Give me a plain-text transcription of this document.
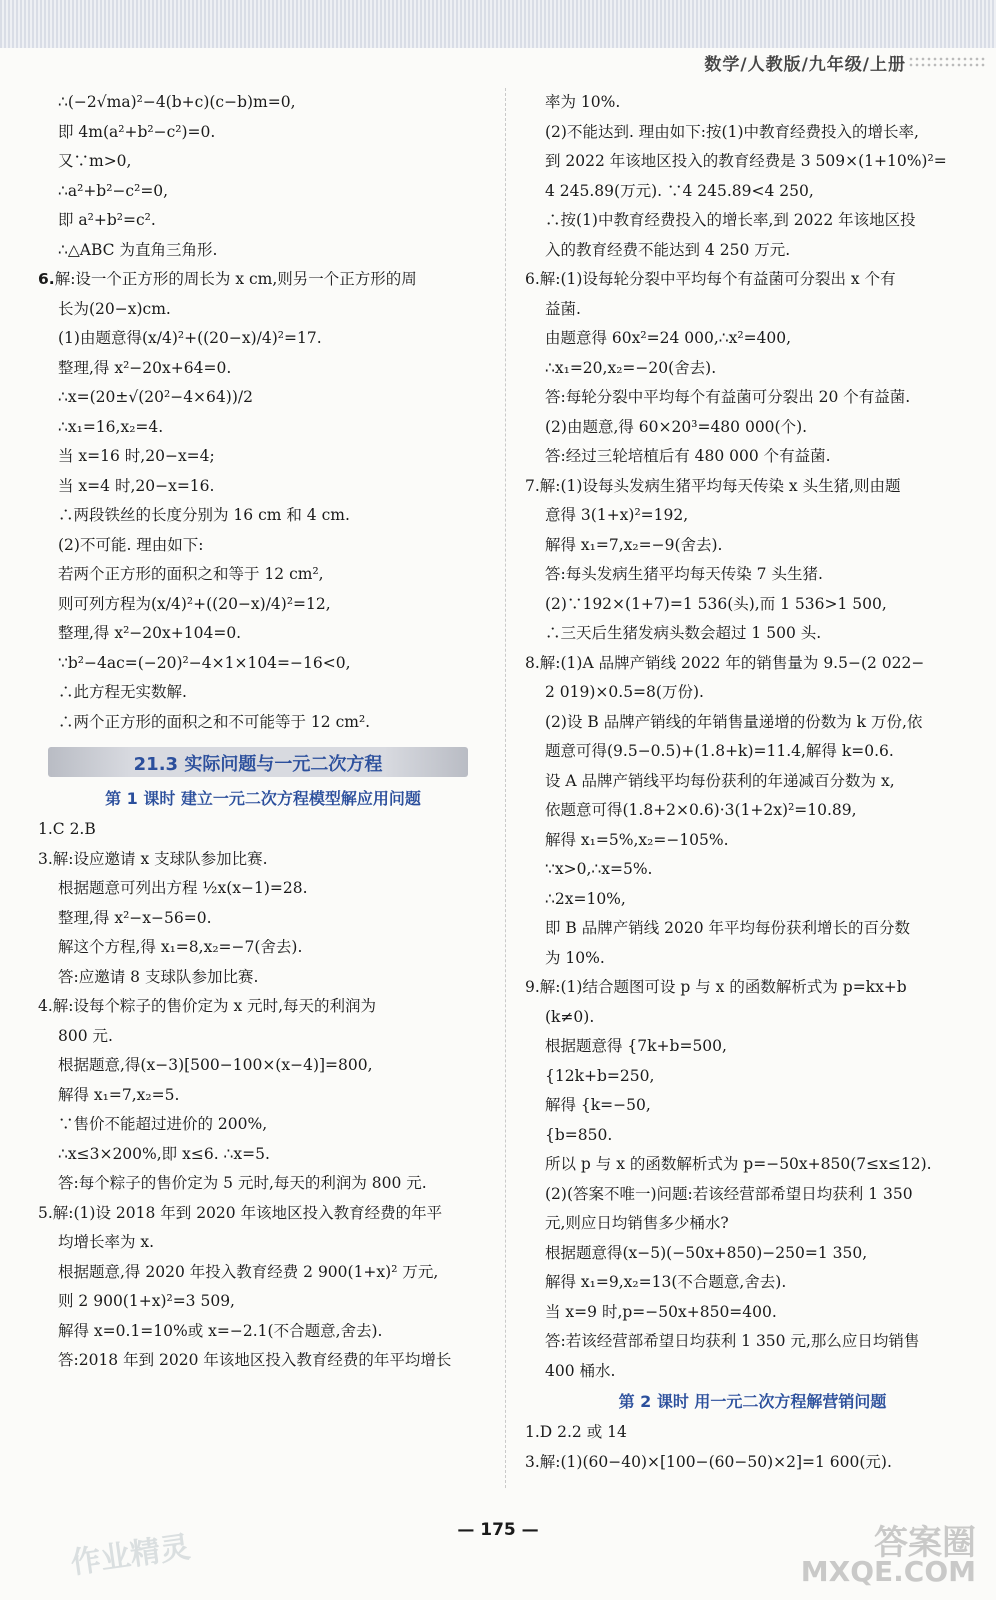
数学/人教版/九年级/上册
∴(−2√ma)²−4(b+c)(c−b)m=0,
即 4m(a²+b²−c²)=0.
又∵m>0,
∴a²+b²−c²=0,
即 a²+b²=c².
∴△ABC 为直角三角形.
6.解:设一个正方形的周长为 x cm,则另一个正方形的周
长为(20−x)cm.
(1)由题意得(x/4)²+((20−x)/4)²=17.
整理,得 x²−20x+64=0.
∴x=(20±√(20²−4×64))/2
∴x₁=16,x₂=4.
当 x=16 时,20−x=4;
当 x=4 时,20−x=16.
∴两段铁丝的长度分别为 16 cm 和 4 cm.
(2)不可能. 理由如下:
若两个正方形的面积之和等于 12 cm²,
则可列方程为(x/4)²+((20−x)/4)²=12,
整理,得 x²−20x+104=0.
∵b²−4ac=(−20)²−4×1×104=−16<0,
∴此方程无实数解.
∴两个正方形的面积之和不可能等于 12 cm².
21.3 实际问题与一元二次方程
第 1 课时 建立一元二次方程模型解应用问题
1.C 2.B
3.解:设应邀请 x 支球队参加比赛.
根据题意可列出方程 ½x(x−1)=28.
整理,得 x²−x−56=0.
解这个方程,得 x₁=8,x₂=−7(舍去).
答:应邀请 8 支球队参加比赛.
4.解:设每个粽子的售价定为 x 元时,每天的利润为
800 元.
根据题意,得(x−3)[500−100×(x−4)]=800,
解得 x₁=7,x₂=5.
∵售价不能超过进价的 200%,
∴x≤3×200%,即 x≤6. ∴x=5.
答:每个粽子的售价定为 5 元时,每天的利润为 800 元.
5.解:(1)设 2018 年到 2020 年该地区投入教育经费的年平
均增长率为 x.
根据题意,得 2020 年投入教育经费 2 900(1+x)² 万元,
则 2 900(1+x)²=3 509,
解得 x=0.1=10%或 x=−2.1(不合题意,舍去).
答:2018 年到 2020 年该地区投入教育经费的年平均增长
率为 10%.
(2)不能达到. 理由如下:按(1)中教育经费投入的增长率,
到 2022 年该地区投入的教育经费是 3 509×(1+10%)²=
4 245.89(万元). ∵4 245.89<4 250,
∴按(1)中教育经费投入的增长率,到 2022 年该地区投
入的教育经费不能达到 4 250 万元.
6.解:(1)设每轮分裂中平均每个有益菌可分裂出 x 个有
益菌.
由题意得 60x²=24 000,∴x²=400,
∴x₁=20,x₂=−20(舍去).
答:每轮分裂中平均每个有益菌可分裂出 20 个有益菌.
(2)由题意,得 60×20³=480 000(个).
答:经过三轮培植后有 480 000 个有益菌.
7.解:(1)设每头发病生猪平均每天传染 x 头生猪,则由题
意得 3(1+x)²=192,
解得 x₁=7,x₂=−9(舍去).
答:每头发病生猪平均每天传染 7 头生猪.
(2)∵192×(1+7)=1 536(头),而 1 536>1 500,
∴三天后生猪发病头数会超过 1 500 头.
8.解:(1)A 品牌产销线 2022 年的销售量为 9.5−(2 022−
2 019)×0.5=8(万份).
(2)设 B 品牌产销线的年销售量递增的份数为 k 万份,依
题意可得(9.5−0.5)+(1.8+k)=11.4,解得 k=0.6.
设 A 品牌产销线平均每份获利的年递减百分数为 x,
依题意可得(1.8+2×0.6)·3(1+2x)²=10.89,
解得 x₁=5%,x₂=−105%.
∵x>0,∴x=5%.
∴2x=10%,
即 B 品牌产销线 2020 年平均每份获利增长的百分数
为 10%.
9.解:(1)结合题图可设 p 与 x 的函数解析式为 p=kx+b
(k≠0).
根据题意得 {7k+b=500,
{12k+b=250,
解得 {k=−50,
{b=850.
所以 p 与 x 的函数解析式为 p=−50x+850(7≤x≤12).
(2)(答案不唯一)问题:若该经营部希望日均获利 1 350
元,则应日均销售多少桶水?
根据题意得(x−5)(−50x+850)−250=1 350,
解得 x₁=9,x₂=13(不合题意,舍去).
当 x=9 时,p=−50x+850=400.
答:若该经营部希望日均获利 1 350 元,那么应日均销售
400 桶水.
第 2 课时 用一元二次方程解营销问题
1.D 2.2 或 14
3.解:(1)(60−40)×[100−(60−50)×2]=1 600(元).
— 175 —
作业精灵	答案圈
MXQE.COM
